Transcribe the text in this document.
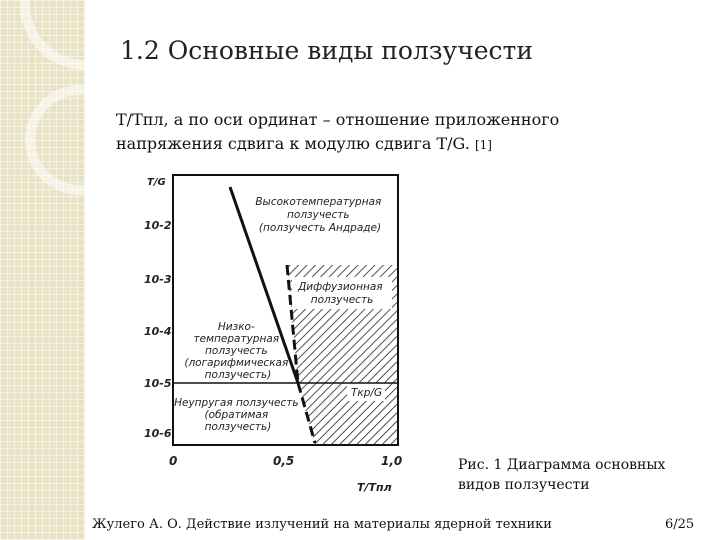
1.2 Основные виды ползучести
Т/Тпл, а по оси ординат – отношение приложенного
напряжения сдвига к модулю сдвига Т/G. [1]
T/G
10-2
10-3
10-4
10-5
10-6
0	0,5	1,0
T/Tпл
Высокотемпературная ползучесть (ползучесть Андраде)
Диффузионная ползучесть
Низко- температурная ползучесть (логарифмическая ползучесть)
Неупругая ползучесть (обратимая ползучесть)
Tкр/G
Рис. 1 Диаграмма основных
видов ползучести
Жулего А. О. Действие излучений на материалы ядерной техники	6/25
